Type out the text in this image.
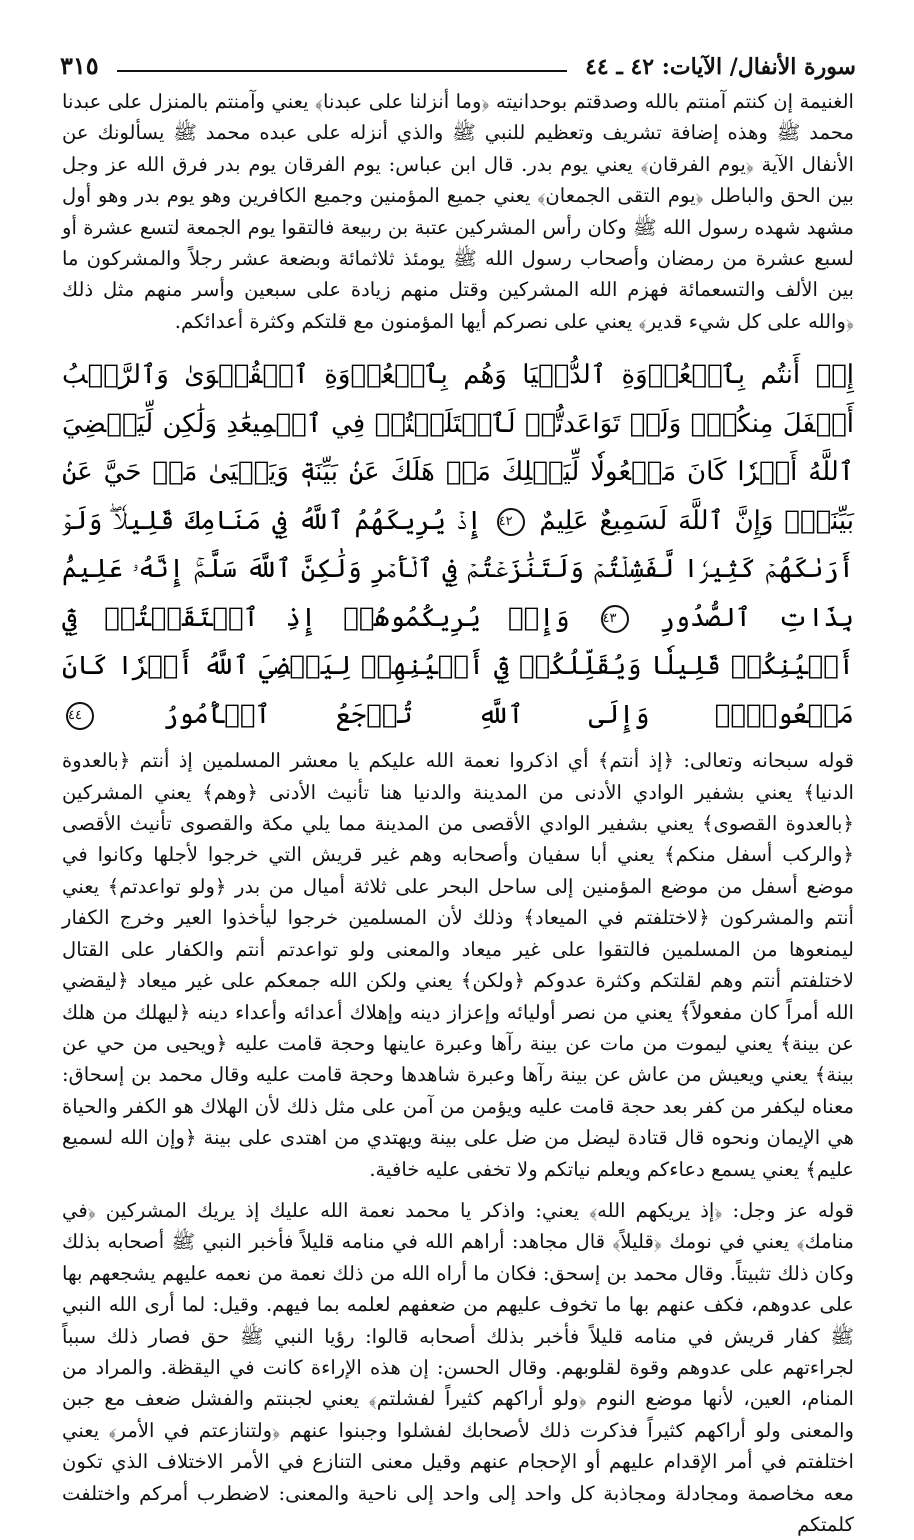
سورة الأنفال/ الآيات: ٤٢ ـ ٤٤
٣١٥

الغنيمة إن كنتم آمنتم بالله وصدقتم بوحدانيته ﴿وما أنزلنا على عبدنا﴾ يعني وآمنتم بالمنزل على عبدنا محمد ﷺ وهذه إضافة تشريف وتعظيم للنبي ﷺ والذي أنزله على عبده محمد ﷺ يسألونك عن الأنفال الآية ﴿يوم الفرقان﴾ يعني يوم بدر. قال ابن عباس: يوم الفرقان يوم بدر فرق الله عز وجل بين الحق والباطل ﴿يوم التقى الجمعان﴾ يعني جميع المؤمنين وجميع الكافرين وهو يوم بدر وهو أول مشهد شهده رسول الله ﷺ وكان رأس المشركين عتبة بن ربيعة فالتقوا يوم الجمعة لتسع عشرة أو لسبع عشرة من رمضان وأصحاب رسول الله ﷺ يومئذ ثلاثمائة وبضعة عشر رجلاً والمشركون ما بين الألف والتسعمائة فهزم الله المشركين وقتل منهم زيادة على سبعين وأسر منهم مثل ذلك ﴿والله على كل شيء قدير﴾ يعني على نصركم أيها المؤمنون مع قلتكم وكثرة أعدائكم.

إِذۡ أَنتُم بِٱلۡعُدۡوَةِ ٱلدُّنۡيَا وَهُم بِٱلۡعُدۡوَةِ ٱلۡقُصۡوَىٰ وَٱلرَّكۡبُ أَسۡفَلَ مِنكُمۡۚ وَلَوۡ تَوَاعَدتُّمۡ لَٱخۡتَلَفۡتُمۡ فِي ٱلۡمِيعَٰدِ وَلَٰكِن لِّيَقۡضِيَ ٱللَّهُ أَمۡرٗا كَانَ مَفۡعُولٗا لِّيَهۡلِكَ مَنۡ هَلَكَ عَنۢ بَيِّنَةٖ وَيَحۡيَىٰ مَنۡ حَيَّ عَنۢ بَيِّنَةٖۗ وَإِنَّ ٱللَّهَ لَسَمِيعٌ عَلِيمٌ ٤٢ إِذۡ يُرِيكَهُمُ ٱللَّهُ فِي مَنَامِكَ قَلِيلٗاۖ وَلَوۡ أَرَىٰكَهُمۡ كَثِيرٗا لَّفَشِلۡتُمۡ وَلَتَنَٰزَعۡتُمۡ فِي ٱلۡأَمۡرِ وَلَٰكِنَّ ٱللَّهَ سَلَّمَۚ إِنَّهُۥ عَلِيمُۢ بِذَاتِ ٱلصُّدُورِ ٤٣ وَإِذۡ يُرِيكُمُوهُمۡ إِذِ ٱلۡتَقَيۡتُمۡ فِيٓ أَعۡيُنِكُمۡ قَلِيلٗا وَيُقَلِّلُكُمۡ فِيٓ أَعۡيُنِهِمۡ لِيَقۡضِيَ ٱللَّهُ أَمۡرٗا كَانَ مَفۡعُولٗاۗ وَإِلَى ٱللَّهِ تُرۡجَعُ ٱلۡأُمُورُ ٤٤

قوله سبحانه وتعالى: ﴿إذ أنتم﴾ أي اذكروا نعمة الله عليكم يا معشر المسلمين إذ أنتم ﴿بالعدوة الدنيا﴾ يعني بشفير الوادي الأدنى من المدينة والدنيا هنا تأنيث الأدنى ﴿وهم﴾ يعني المشركين ﴿بالعدوة القصوى﴾ يعني بشفير الوادي الأقصى من المدينة مما يلي مكة والقصوى تأنيث الأقصى ﴿والركب أسفل منكم﴾ يعني أبا سفيان وأصحابه وهم غير قريش التي خرجوا لأجلها وكانوا في موضع أسفل من موضع المؤمنين إلى ساحل البحر على ثلاثة أميال من بدر ﴿ولو تواعدتم﴾ يعني أنتم والمشركون ﴿لاختلفتم في الميعاد﴾ وذلك لأن المسلمين خرجوا ليأخذوا العير وخرج الكفار ليمنعوها من المسلمين فالتقوا على غير ميعاد والمعنى ولو تواعدتم أنتم والكفار على القتال لاختلفتم أنتم وهم لقلتكم وكثرة عدوكم ﴿ولكن﴾ يعني ولكن الله جمعكم على غير ميعاد ﴿ليقضي الله أمراً كان مفعولاً﴾ يعني من نصر أوليائه وإعزاز دينه وإهلاك أعدائه وأعداء دينه ﴿ليهلك من هلك عن بينة﴾ يعني ليموت من مات عن بينة رآها وعبرة عاينها وحجة قامت عليه ﴿ويحيى من حي عن بينة﴾ يعني ويعيش من عاش عن بينة رآها وعبرة شاهدها وحجة قامت عليه وقال محمد بن إسحاق: معناه ليكفر من كفر بعد حجة قامت عليه ويؤمن من آمن على مثل ذلك لأن الهلاك هو الكفر والحياة هي الإيمان ونحوه قال قتادة ليضل من ضل على بينة ويهتدي من اهتدى على بينة ﴿وإن الله لسميع عليم﴾ يعني يسمع دعاءكم ويعلم نياتكم ولا تخفى عليه خافية.

قوله عز وجل: ﴿إذ يريكهم الله﴾ يعني: واذكر يا محمد نعمة الله عليك إذ يريك المشركين ﴿في منامك﴾ يعني في نومك ﴿قليلاً﴾ قال مجاهد: أراهم الله في منامه قليلاً فأخبر النبي ﷺ أصحابه بذلك وكان ذلك تثبيتاً. وقال محمد بن إسحق: فكان ما أراه الله من ذلك نعمة من نعمه عليهم يشجعهم بها على عدوهم، فكف عنهم بها ما تخوف عليهم من ضعفهم لعلمه بما فيهم. وقيل: لما أرى الله النبي ﷺ كفار قريش في منامه قليلاً فأخبر بذلك أصحابه قالوا: رؤيا النبي ﷺ حق فصار ذلك سبباً لجراءتهم على عدوهم وقوة لقلوبهم. وقال الحسن: إن هذه الإراءة كانت في اليقظة. والمراد من المنام، العين، لأنها موضع النوم ﴿ولو أراكهم كثيراً لفشلتم﴾ يعني لجبنتم والفشل ضعف مع جبن والمعنى ولو أراكهم كثيراً فذكرت ذلك لأصحابك لفشلوا وجبنوا عنهم ﴿ولتنازعتم في الأمر﴾ يعني اختلفتم في أمر الإقدام عليهم أو الإحجام عنهم وقيل معنى التنازع في الأمر الاختلاف الذي تكون معه مخاصمة ومجادلة ومجاذبة كل واحد إلى واحد إلى ناحية والمعنى: لاضطرب أمركم واختلفت كلمتكم
